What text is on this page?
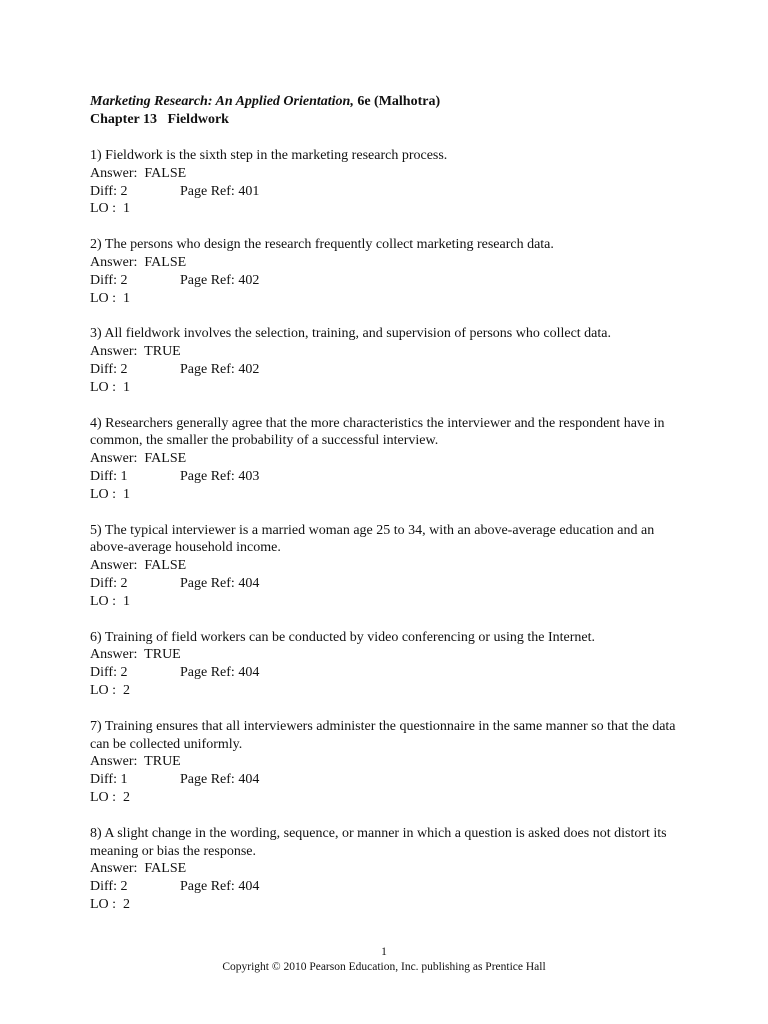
Marketing Research: An Applied Orientation, 6e (Malhotra)
Chapter 13   Fieldwork
1) Fieldwork is the sixth step in the marketing research process.
Answer:  FALSE
Diff: 2	Page Ref: 401
LO :  1
2) The persons who design the research frequently collect marketing research data.
Answer:  FALSE
Diff: 2	Page Ref: 402
LO :  1
3) All fieldwork involves the selection, training, and supervision of persons who collect data.
Answer:  TRUE
Diff: 2	Page Ref: 402
LO :  1
4) Researchers generally agree that the more characteristics the interviewer and the respondent have in common, the smaller the probability of a successful interview.
Answer:  FALSE
Diff: 1	Page Ref: 403
LO :  1
5) The typical interviewer is a married woman age 25 to 34, with an above-average education and an above-average household income.
Answer:  FALSE
Diff: 2	Page Ref: 404
LO :  1
6) Training of field workers can be conducted by video conferencing or using the Internet.
Answer:  TRUE
Diff: 2	Page Ref: 404
LO :  2
7) Training ensures that all interviewers administer the questionnaire in the same manner so that the data can be collected uniformly.
Answer:  TRUE
Diff: 1	Page Ref: 404
LO :  2
8) A slight change in the wording, sequence, or manner in which a question is asked does not distort its meaning or bias the response.
Answer:  FALSE
Diff: 2	Page Ref: 404
LO :  2
1
Copyright © 2010 Pearson Education, Inc. publishing as Prentice Hall
